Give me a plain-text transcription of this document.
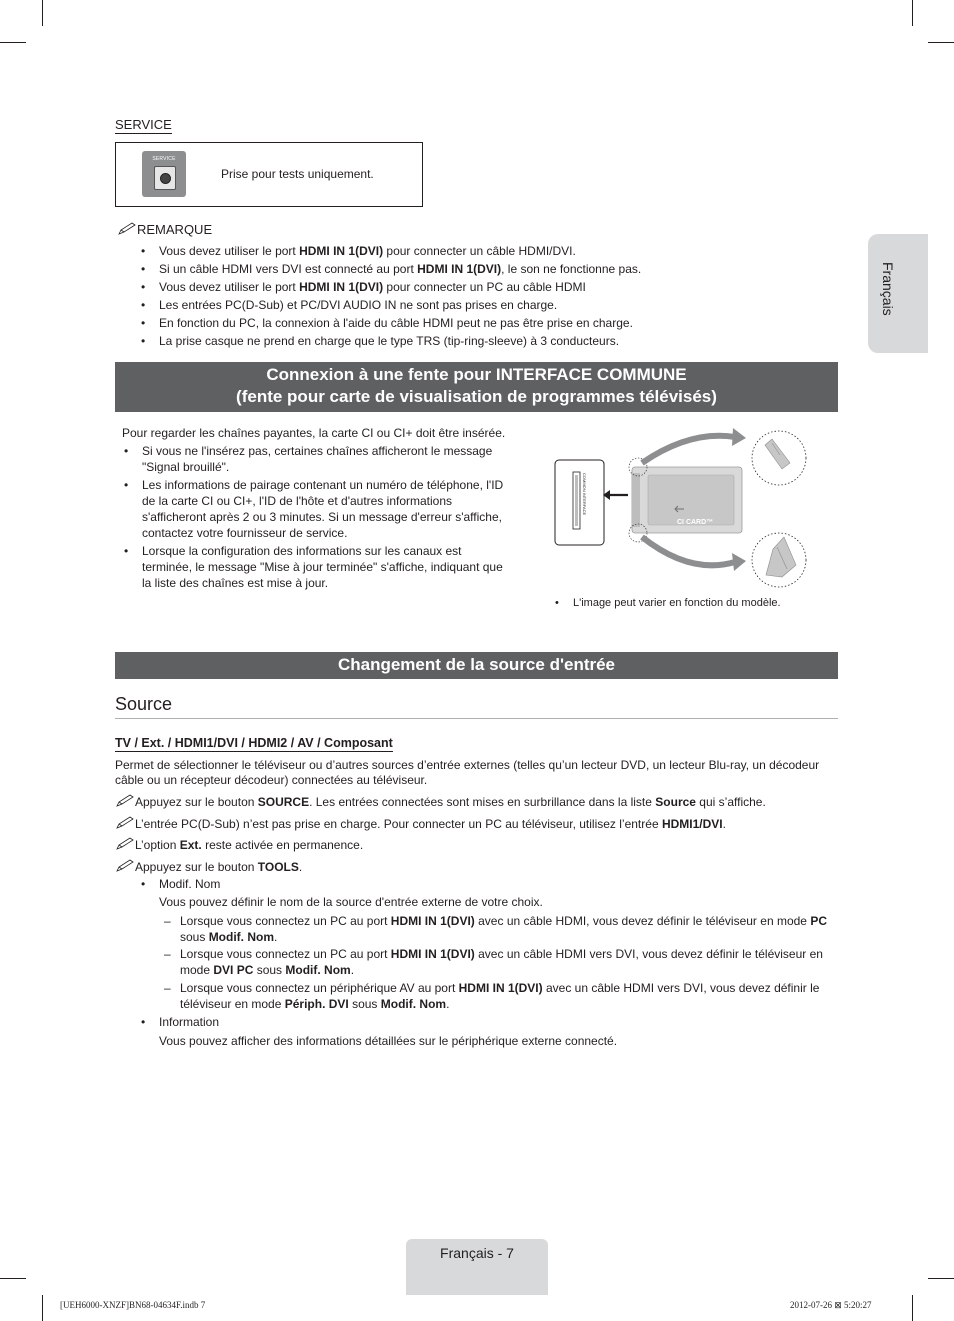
SERVICE
SERVICE
Prise pour tests uniquement.
Français
REMARQUE
• Vous devez utiliser le port HDMI IN 1(DVI) pour connecter un câble HDMI/DVI.
• Si un câble HDMI vers DVI est connecté au port HDMI IN 1(DVI), le son ne fonctionne pas.
• Vous devez utiliser le port HDMI IN 1(DVI) pour connecter un PC au câble HDMI
• Les entrées PC(D-Sub) et PC/DVI AUDIO IN ne sont pas prises en charge.
• En fonction du PC, la connexion à l'aide du câble HDMI peut ne pas être prise en charge.
• La prise casque ne prend en charge que le type TRS (tip-ring-sleeve) à 3 conducteurs.
Connexion à une fente pour INTERFACE COMMUNE
(fente pour carte de visualisation de programmes télévisés)
Pour regarder les chaînes payantes, la carte CI ou CI+ doit être insérée.
• Si vous ne l'insérez pas, certaines chaînes afficheront le message "Signal brouillé".
• Les informations de pairage contenant un numéro de téléphone, l'ID de la carte CI ou CI+, l'ID de l'hôte et d'autres informations s'afficheront après 2 ou 3 minutes. Si un message d'erreur s'affiche, contactez votre fournisseur de service.
• Lorsque la configuration des informations sur les canaux est terminée, le message "Mise à jour terminée" s'affiche, indiquant que la liste des chaînes est mise à jour.
COMMON INTERFACE
CI CARD™
• L'image peut varier en fonction du modèle.
Changement de la source d'entrée
Source
TV / Ext. / HDMI1/DVI / HDMI2 / AV / Composant
Permet de sélectionner le téléviseur ou d’autres sources d’entrée externes (telles qu’un lecteur DVD, un lecteur Blu-ray, un décodeur câble ou un récepteur décodeur) connectées au téléviseur.
Appuyez sur le bouton SOURCE. Les entrées connectées sont mises en surbrillance dans la liste Source qui s’affiche.
L’entrée PC(D-Sub) n’est pas prise en charge. Pour connecter un PC au téléviseur, utilisez l’entrée HDMI1/DVI.
L’option Ext. reste activée en permanence.
Appuyez sur le bouton TOOLS.
• Modif. Nom
Vous pouvez définir le nom de la source d'entrée externe de votre choix.
– Lorsque vous connectez un PC au port HDMI IN 1(DVI) avec un câble HDMI, vous devez définir le téléviseur en mode PC sous Modif. Nom.
– Lorsque vous connectez un PC au port HDMI IN 1(DVI) avec un câble HDMI vers DVI, vous devez définir le téléviseur en mode DVI PC sous Modif. Nom.
– Lorsque vous connectez un périphérique AV au port HDMI IN 1(DVI) avec un câble HDMI vers DVI, vous devez définir le téléviseur en mode Périph. DVI sous Modif. Nom.
• Information
Vous pouvez afficher des informations détaillées sur le périphérique externe connecté.
Français - 7
[UEH6000-XNZF]BN68-04634F.indb 7	2012-07-26 ⊠ 5:20:27
